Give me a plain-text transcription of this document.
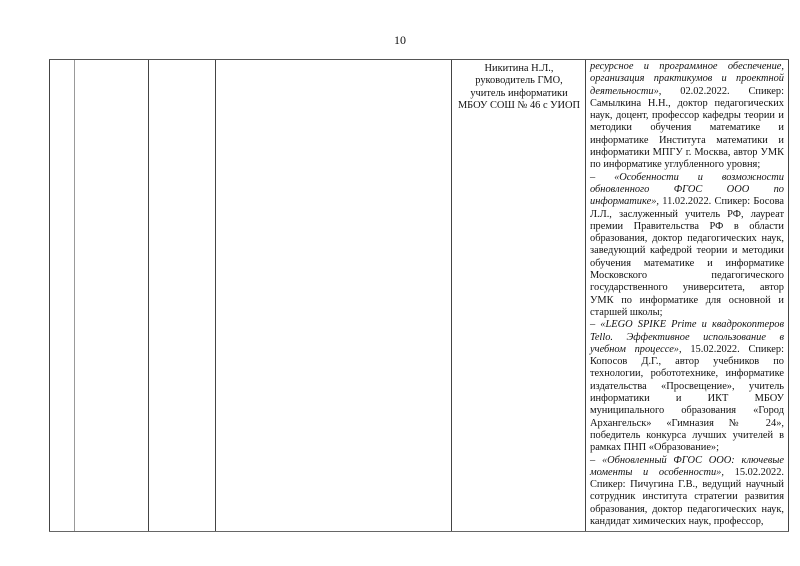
10
Никитина Н.Л.,
руководитель ГМО,
учитель информатики
МБОУ СОШ № 46 с УИОП
ресурсное и программное обеспечение, организация практикумов и проектной деятельности», 02.02.2022. Спикер: Самылкина Н.Н., доктор педагогических наук, доцент, профессор кафедры теории и методики обучения математике и информатике Института математики и информатики МПГУ г. Москва, автор УМК по информатике углубленного уровня;
– «Особенности и возможности обновленного ФГОС ООО по информатике», 11.02.2022. Спикер: Босова Л.Л., заслуженный учитель РФ, лауреат премии Правительства РФ в области образования, доктор педагогических наук, заведующий кафедрой теории и методики обучения математике и информатике Московского педагогического государственного университета, автор УМК по информатике для основной и старшей школы;
– «LEGO SPIKE Prime и квадрокоптеров Tello. Эффективное использование в учебном процессе», 15.02.2022. Спикер: Копосов Д.Г., автор учебников по технологии, робототехнике, информатике издательства «Просвещение», учитель информатики и ИКТ МБОУ муниципального образования «Город Архангельск» «Гимназия № 24», победитель конкурса лучших учителей в рамках ПНП «Образование»;
– «Обновленный ФГОС ООО: ключевые моменты и особенности», 15.02.2022. Спикер: Пичугина Г.В., ведущий научный сотрудник института стратегии развития образования, доктор педагогических наук, кандидат химических наук, профессор,
